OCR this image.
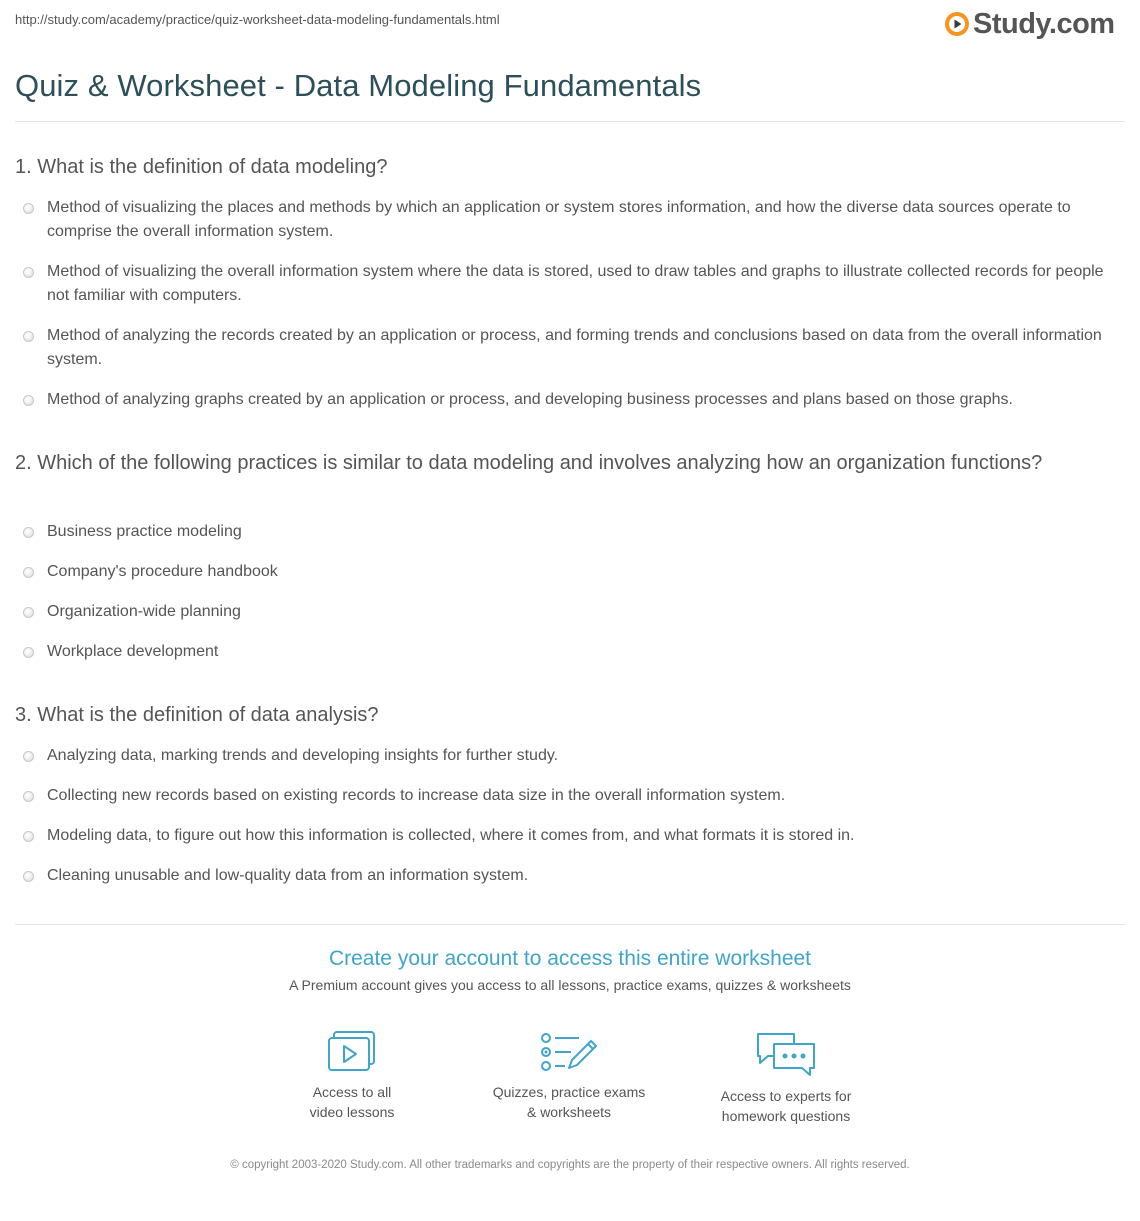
http://study.com/academy/practice/quiz-worksheet-data-modeling-fundamentals.html	Study.com
Quiz & Worksheet - Data Modeling Fundamentals
1. What is the definition of data modeling?
Method of visualizing the places and methods by which an application or system stores information, and how the diverse data sources operate to comprise the overall information system.
Method of visualizing the overall information system where the data is stored, used to draw tables and graphs to illustrate collected records for people not familiar with computers.
Method of analyzing the records created by an application or process, and forming trends and conclusions based on data from the overall information system.
Method of analyzing graphs created by an application or process, and developing business processes and plans based on those graphs.
2. Which of the following practices is similar to data modeling and involves analyzing how an organization functions?
Business practice modeling
Company's procedure handbook
Organization-wide planning
Workplace development
3. What is the definition of data analysis?
Analyzing data, marking trends and developing insights for further study.
Collecting new records based on existing records to increase data size in the overall information system.
Modeling data, to figure out how this information is collected, where it comes from, and what formats it is stored in.
Cleaning unusable and low-quality data from an information system.
Create your account to access this entire worksheet
A Premium account gives you access to all lessons, practice exams, quizzes & worksheets
Access to all
video lessons
Quizzes, practice exams
& worksheets
Access to experts for
homework questions
© copyright 2003-2020 Study.com. All other trademarks and copyrights are the property of their respective owners. All rights reserved.
